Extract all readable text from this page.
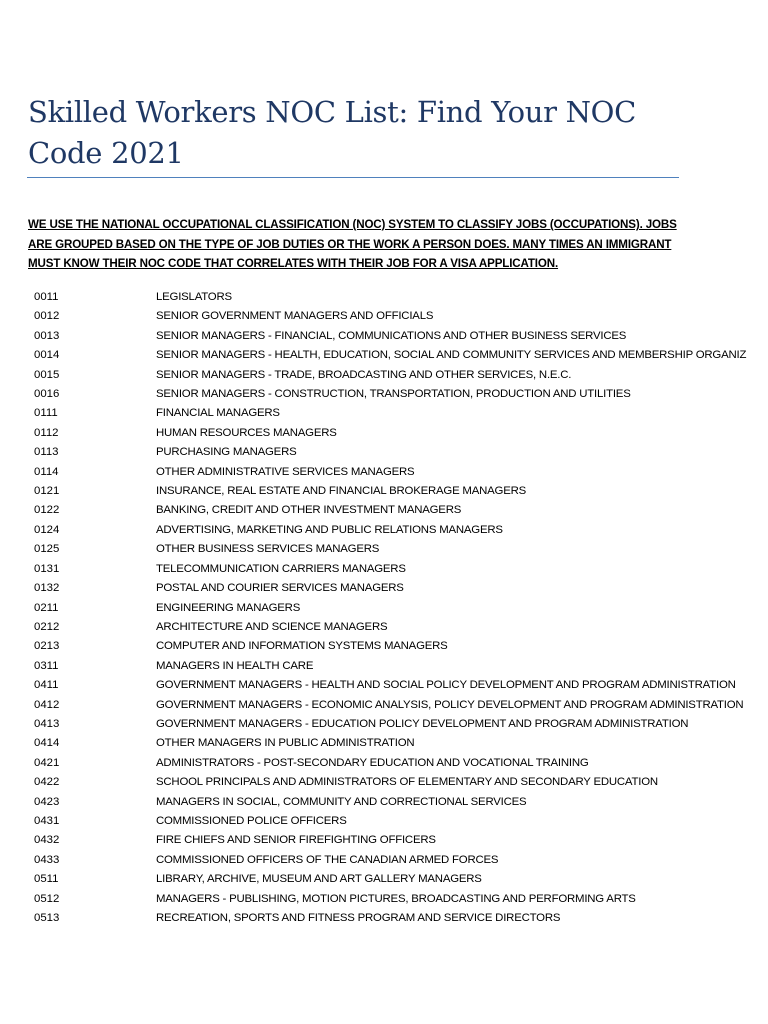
Skilled Workers NOC List: Find Your NOC Code 2021

WE USE THE NATIONAL OCCUPATIONAL CLASSIFICATION (NOC) SYSTEM TO CLASSIFY JOBS (OCCUPATIONS). JOBS ARE GROUPED BASED ON THE TYPE OF JOB DUTIES OR THE WORK A PERSON DOES. MANY TIMES AN IMMIGRANT MUST KNOW THEIR NOC CODE THAT CORRELATES WITH THEIR JOB FOR A VISA APPLICATION.

0011	LEGISLATORS
0012	SENIOR GOVERNMENT MANAGERS AND OFFICIALS
0013	SENIOR MANAGERS - FINANCIAL, COMMUNICATIONS AND OTHER BUSINESS SERVICES
0014	SENIOR MANAGERS - HEALTH, EDUCATION, SOCIAL AND COMMUNITY SERVICES AND MEMBERSHIP ORGANIZ
0015	SENIOR MANAGERS - TRADE, BROADCASTING AND OTHER SERVICES, N.E.C.
0016	SENIOR MANAGERS - CONSTRUCTION, TRANSPORTATION, PRODUCTION AND UTILITIES
0111	FINANCIAL MANAGERS
0112	HUMAN RESOURCES MANAGERS
0113	PURCHASING MANAGERS
0114	OTHER ADMINISTRATIVE SERVICES MANAGERS
0121	INSURANCE, REAL ESTATE AND FINANCIAL BROKERAGE MANAGERS
0122	BANKING, CREDIT AND OTHER INVESTMENT MANAGERS
0124	ADVERTISING, MARKETING AND PUBLIC RELATIONS MANAGERS
0125	OTHER BUSINESS SERVICES MANAGERS
0131	TELECOMMUNICATION CARRIERS MANAGERS
0132	POSTAL AND COURIER SERVICES MANAGERS
0211	ENGINEERING MANAGERS
0212	ARCHITECTURE AND SCIENCE MANAGERS
0213	COMPUTER AND INFORMATION SYSTEMS MANAGERS
0311	MANAGERS IN HEALTH CARE
0411	GOVERNMENT MANAGERS - HEALTH AND SOCIAL POLICY DEVELOPMENT AND PROGRAM ADMINISTRATION
0412	GOVERNMENT MANAGERS - ECONOMIC ANALYSIS, POLICY DEVELOPMENT AND PROGRAM ADMINISTRATION
0413	GOVERNMENT MANAGERS - EDUCATION POLICY DEVELOPMENT AND PROGRAM ADMINISTRATION
0414	OTHER MANAGERS IN PUBLIC ADMINISTRATION
0421	ADMINISTRATORS - POST-SECONDARY EDUCATION AND VOCATIONAL TRAINING
0422	SCHOOL PRINCIPALS AND ADMINISTRATORS OF ELEMENTARY AND SECONDARY EDUCATION
0423	MANAGERS IN SOCIAL, COMMUNITY AND CORRECTIONAL SERVICES
0431	COMMISSIONED POLICE OFFICERS
0432	FIRE CHIEFS AND SENIOR FIREFIGHTING OFFICERS
0433	COMMISSIONED OFFICERS OF THE CANADIAN ARMED FORCES
0511	LIBRARY, ARCHIVE, MUSEUM AND ART GALLERY MANAGERS
0512	MANAGERS - PUBLISHING, MOTION PICTURES, BROADCASTING AND PERFORMING ARTS
0513	RECREATION, SPORTS AND FITNESS PROGRAM AND SERVICE DIRECTORS
